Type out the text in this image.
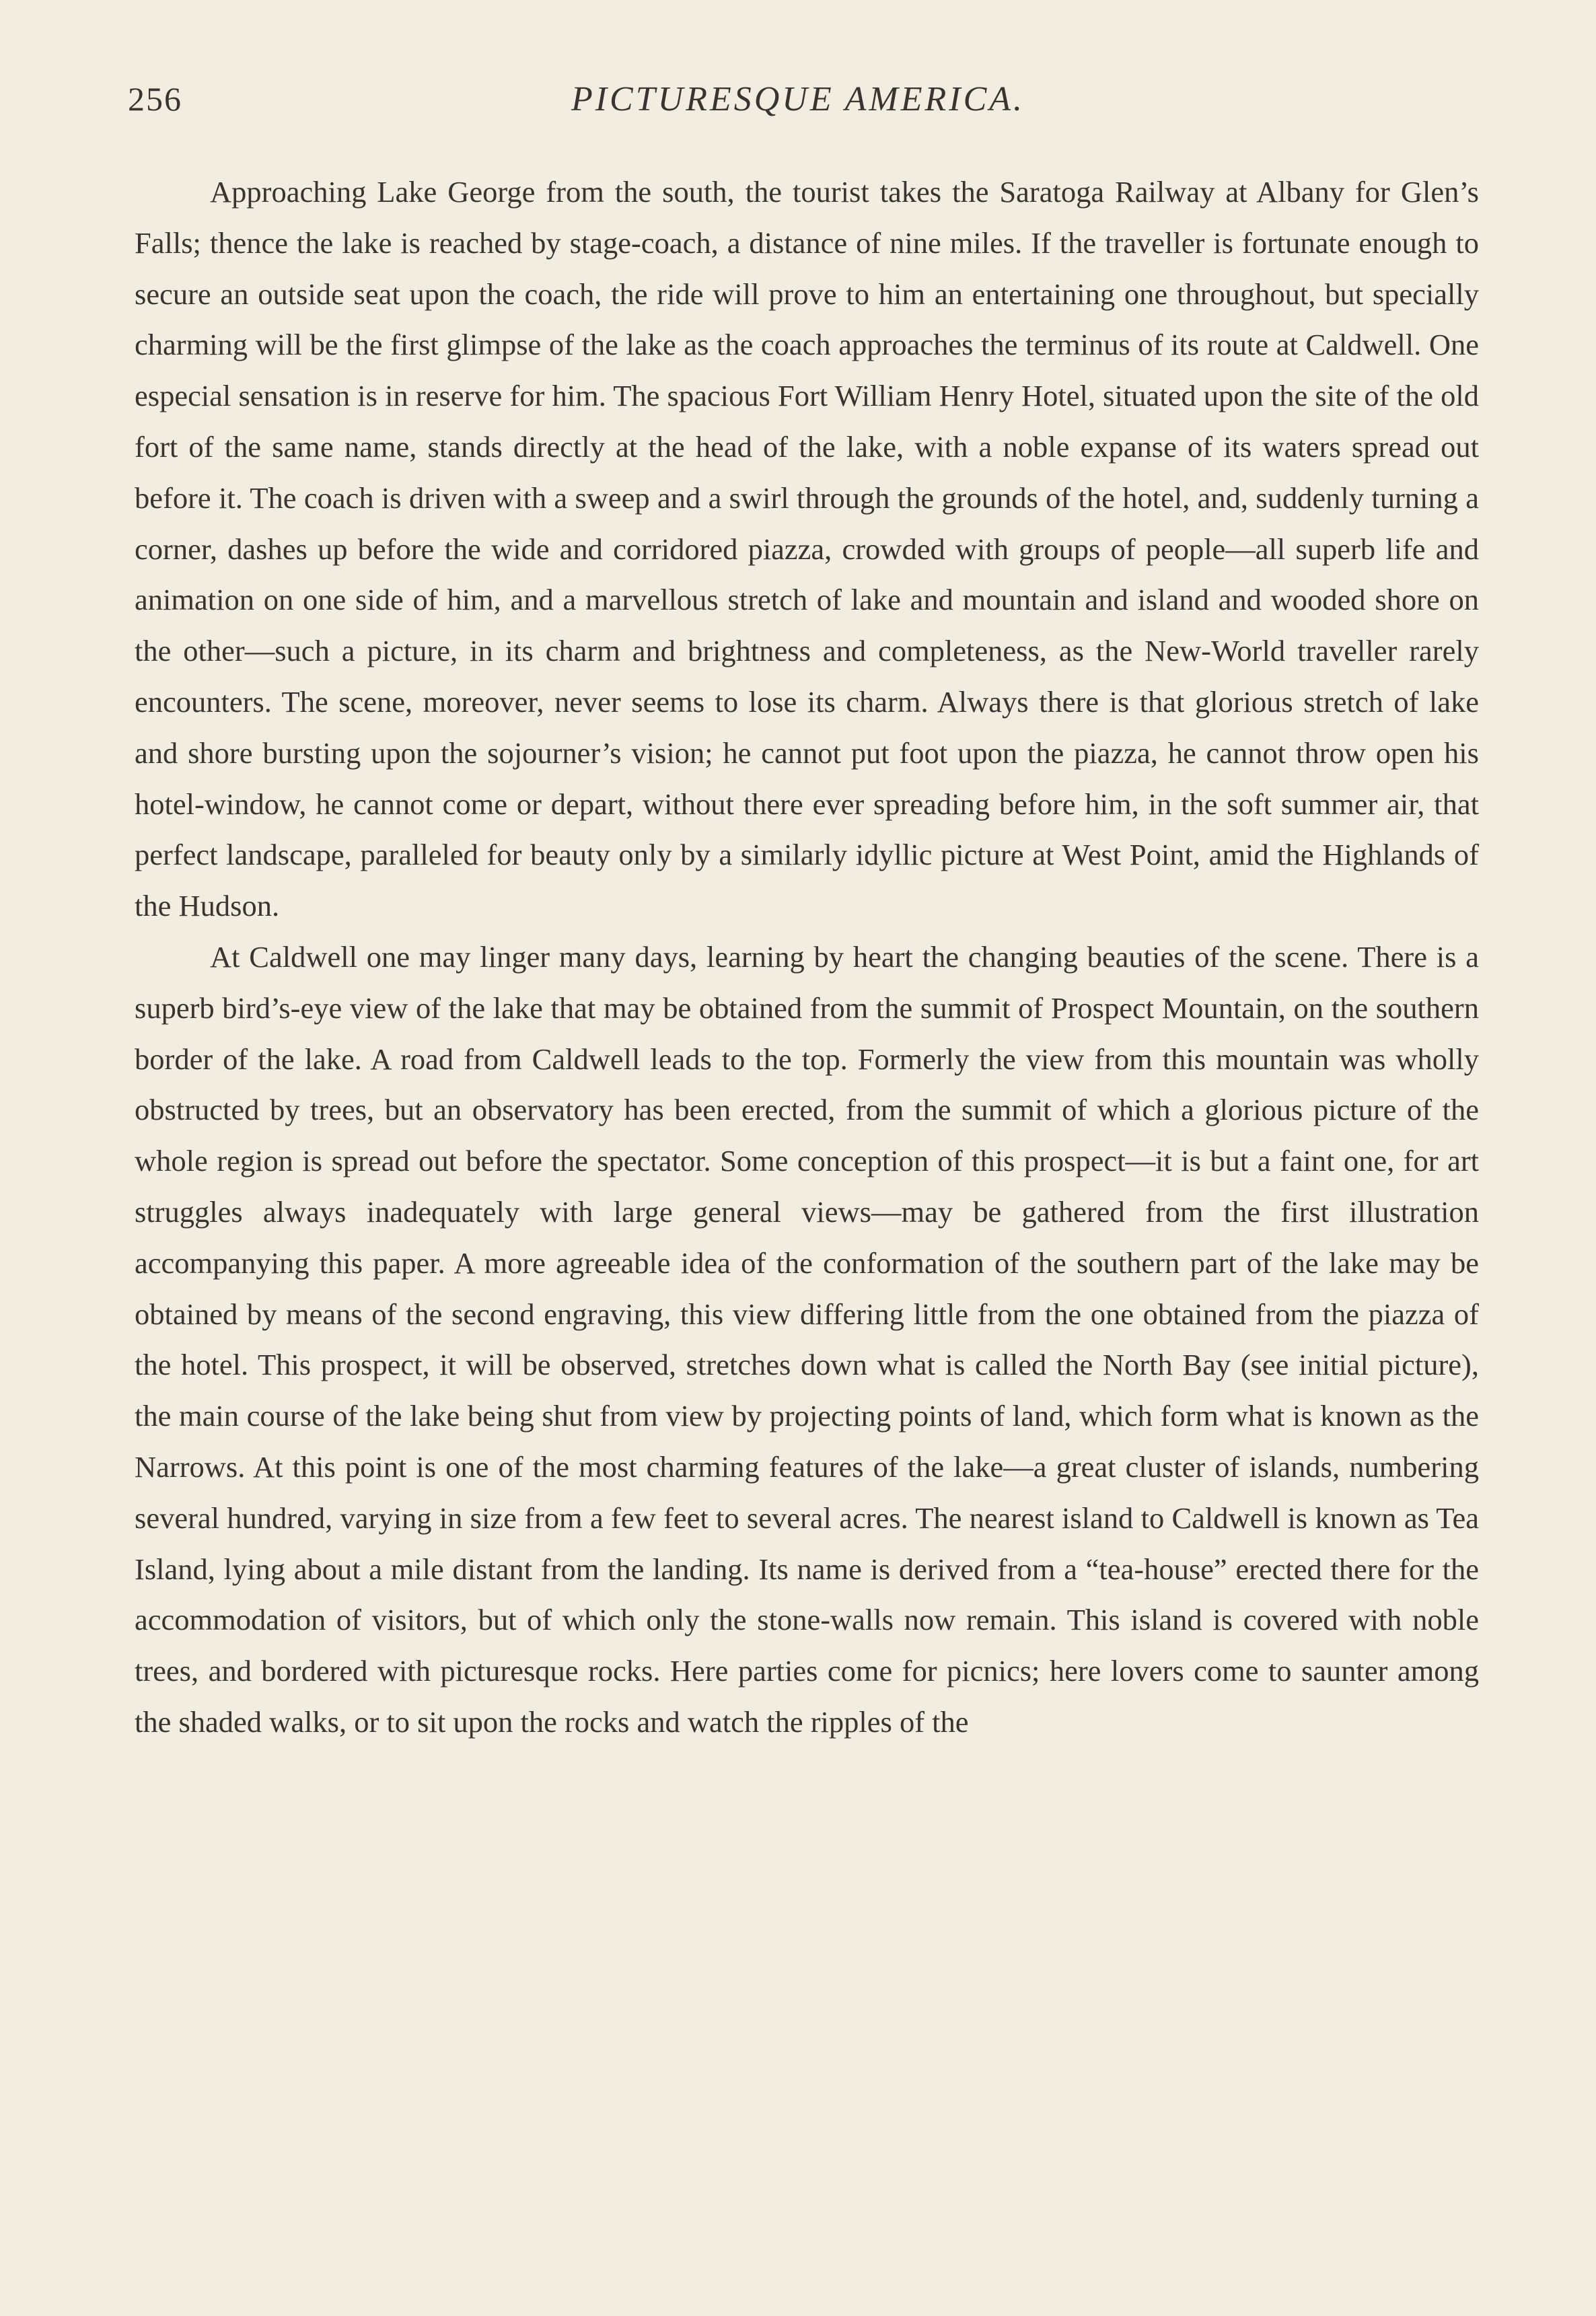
256	PICTURESQUE AMERICA.

Approaching Lake George from the south, the tourist takes the Saratoga Railway at Albany for Glen’s Falls; thence the lake is reached by stage-coach, a distance of nine miles. If the traveller is fortunate enough to secure an outside seat upon the coach, the ride will prove to him an entertaining one throughout, but specially charming will be the first glimpse of the lake as the coach approaches the terminus of its route at Caldwell. One especial sensation is in reserve for him. The spacious Fort William Henry Hotel, situated upon the site of the old fort of the same name, stands directly at the head of the lake, with a noble expanse of its waters spread out before it. The coach is driven with a sweep and a swirl through the grounds of the hotel, and, suddenly turning a corner, dashes up before the wide and corridored piazza, crowded with groups of people—all superb life and animation on one side of him, and a marvellous stretch of lake and mountain and island and wooded shore on the other—such a picture, in its charm and brightness and completeness, as the New-World traveller rarely encounters. The scene, moreover, never seems to lose its charm. Always there is that glorious stretch of lake and shore bursting upon the sojourner’s vision; he cannot put foot upon the piazza, he cannot throw open his hotel-window, he cannot come or depart, without there ever spreading before him, in the soft summer air, that perfect landscape, paralleled for beauty only by a similarly idyllic picture at West Point, amid the Highlands of the Hudson.

At Caldwell one may linger many days, learning by heart the changing beauties of the scene. There is a superb bird’s-eye view of the lake that may be obtained from the summit of Prospect Mountain, on the southern border of the lake. A road from Caldwell leads to the top. Formerly the view from this mountain was wholly obstructed by trees, but an observatory has been erected, from the summit of which a glorious picture of the whole region is spread out before the spectator. Some conception of this prospect—it is but a faint one, for art struggles always inadequately with large general views—may be gathered from the first illustration accompanying this paper. A more agreeable idea of the conformation of the southern part of the lake may be obtained by means of the second engraving, this view differing little from the one obtained from the piazza of the hotel. This prospect, it will be observed, stretches down what is called the North Bay (see initial picture), the main course of the lake being shut from view by projecting points of land, which form what is known as the Narrows. At this point is one of the most charming features of the lake—a great cluster of islands, numbering several hundred, varying in size from a few feet to several acres. The nearest island to Caldwell is known as Tea Island, lying about a mile distant from the landing. Its name is derived from a “tea-house” erected there for the accommodation of visitors, but of which only the stone-walls now remain. This island is covered with noble trees, and bordered with picturesque rocks. Here parties come for picnics; here lovers come to saunter among the shaded walks, or to sit upon the rocks and watch the ripples of the
